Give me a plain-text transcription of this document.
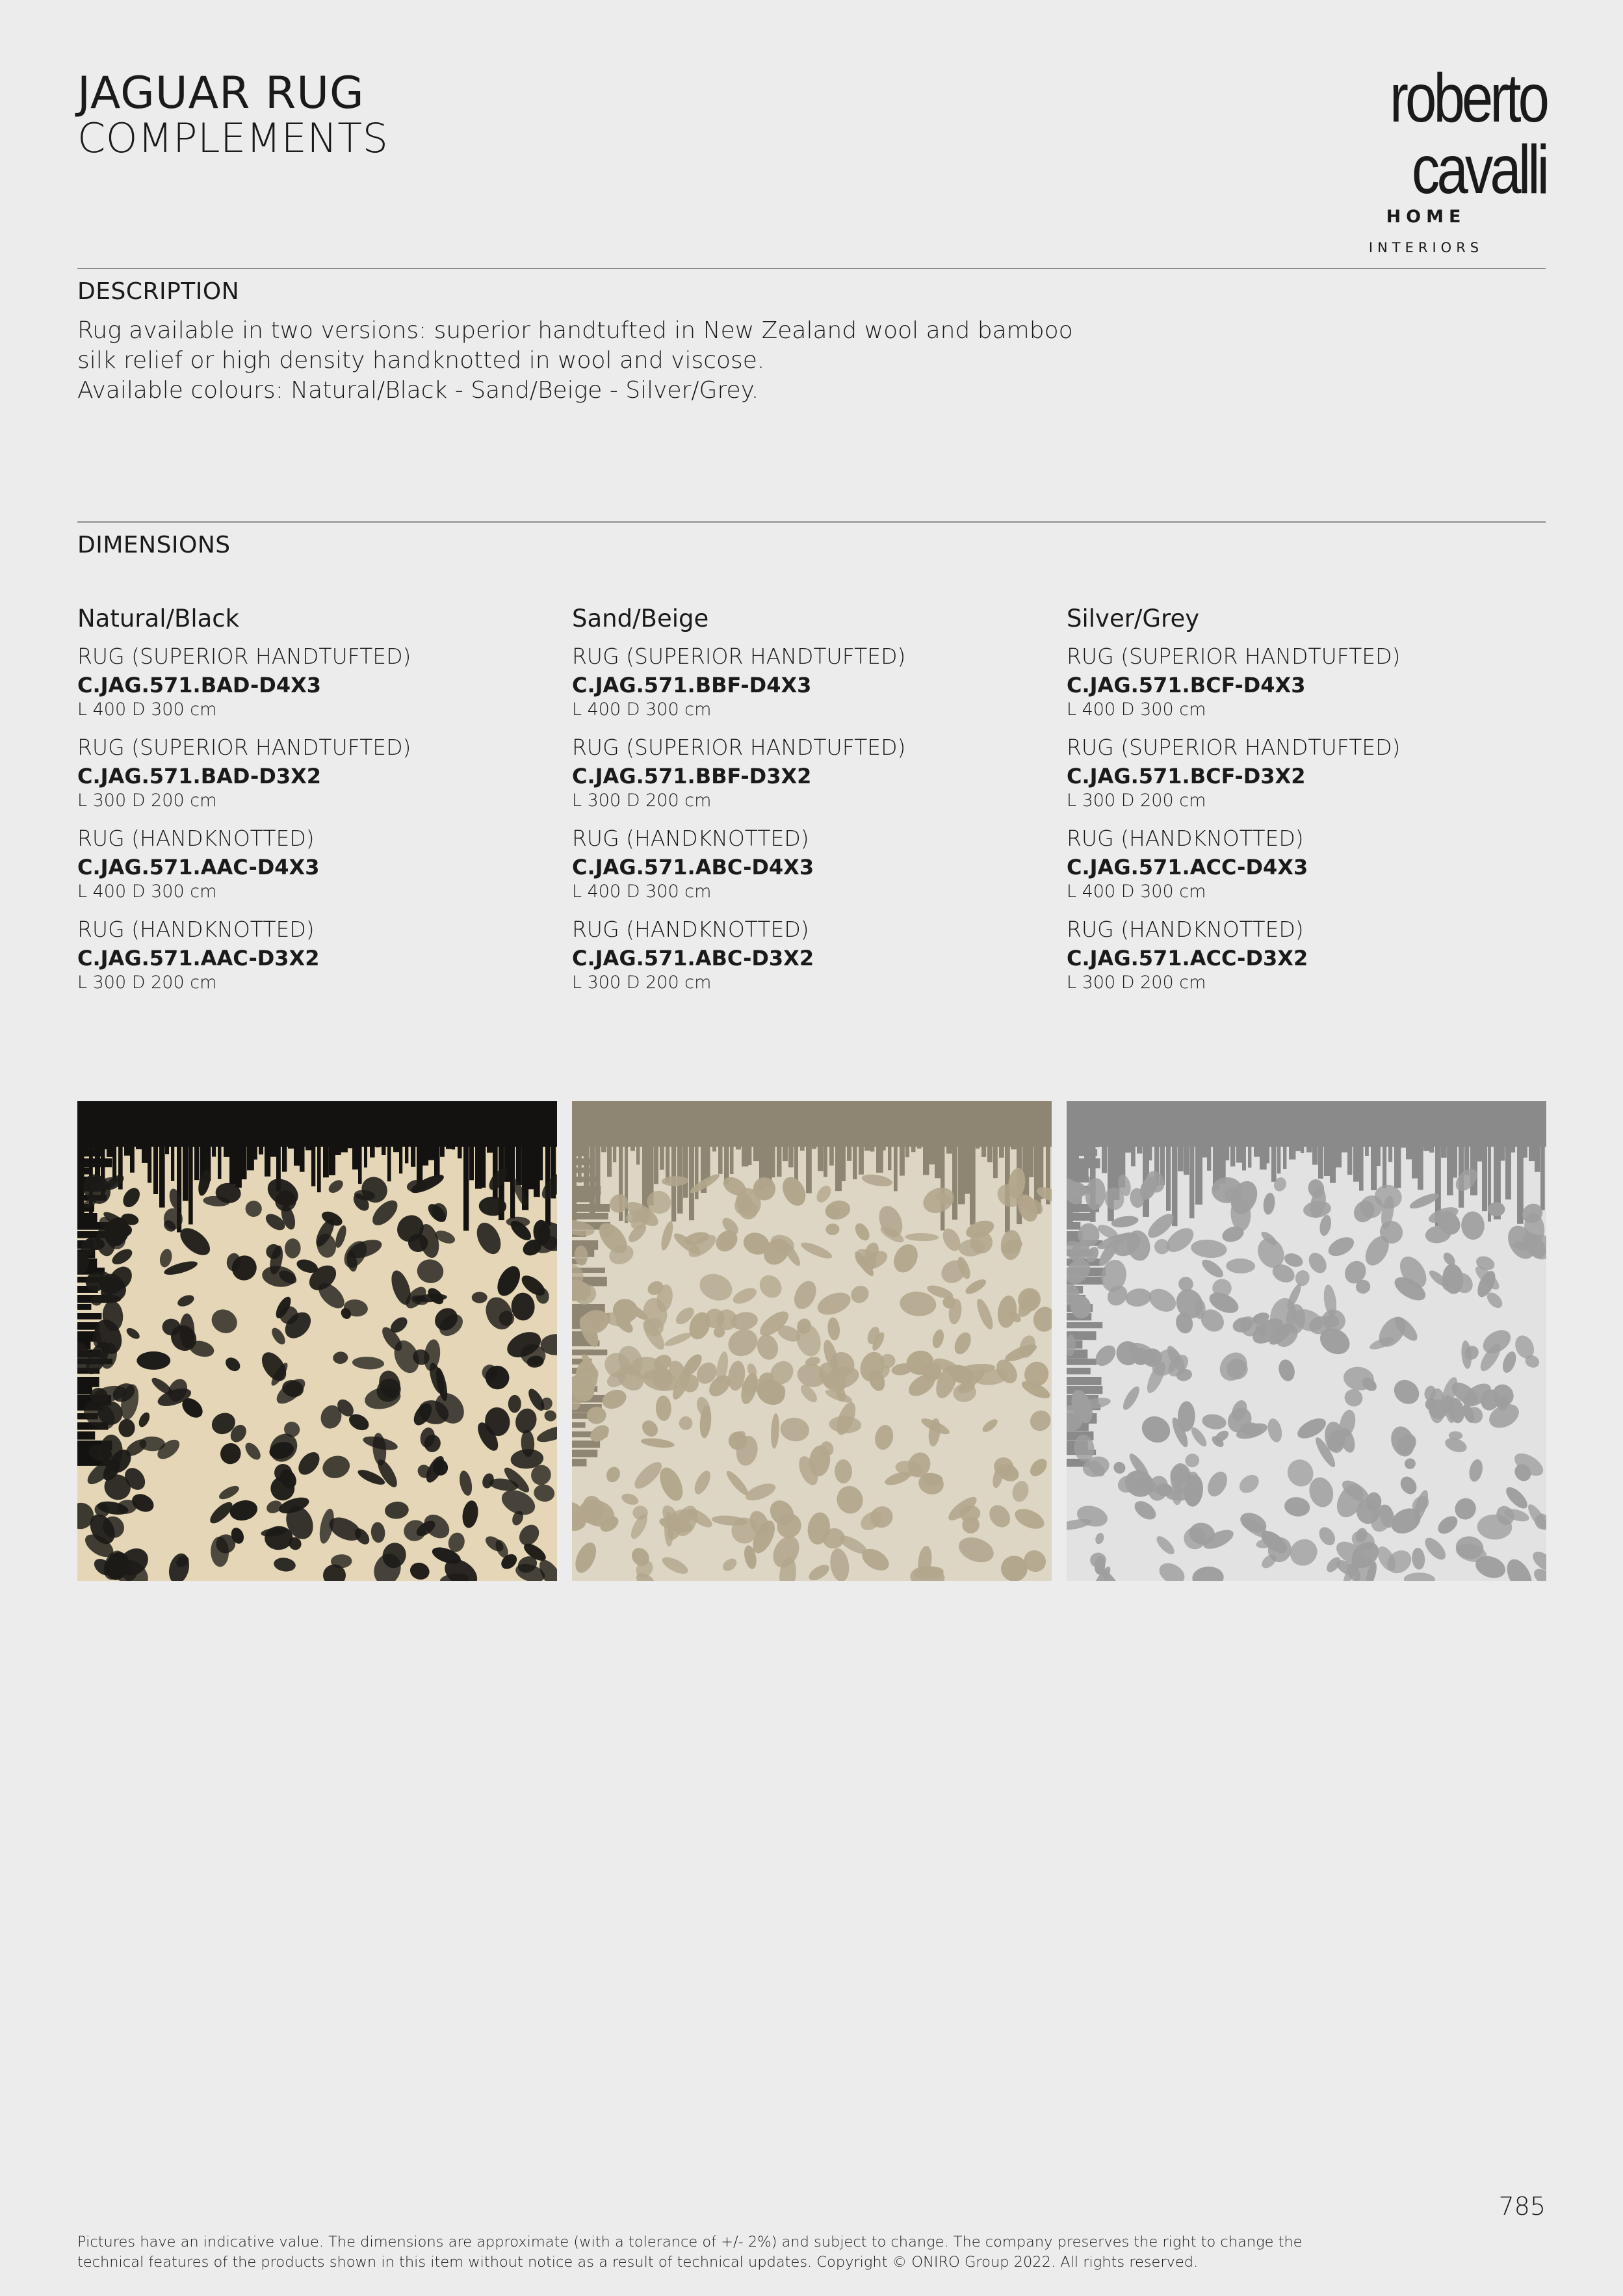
JAGUAR RUG
COMPLEMENTS
roberto cavalli
HOME
INTERIORS
DESCRIPTION
Rug available in two versions: superior handtufted in New Zealand wool and bamboo
silk relief or high density handknotted in wool and viscose.
Available colours: Natural/Black - Sand/Beige - Silver/Grey.
DIMENSIONS
Natural/Black
RUG (SUPERIOR HANDTUFTED)
C.JAG.571.BAD-D4X3
L 400 D 300 cm
RUG (SUPERIOR HANDTUFTED)
C.JAG.571.BAD-D3X2
L 300 D 200 cm
RUG (HANDKNOTTED)
C.JAG.571.AAC-D4X3
L 400 D 300 cm
RUG (HANDKNOTTED)
C.JAG.571.AAC-D3X2
L 300 D 200 cm
Sand/Beige
RUG (SUPERIOR HANDTUFTED)
C.JAG.571.BBF-D4X3
L 400 D 300 cm
RUG (SUPERIOR HANDTUFTED)
C.JAG.571.BBF-D3X2
L 300 D 200 cm
RUG (HANDKNOTTED)
C.JAG.571.ABC-D4X3
L 400 D 300 cm
RUG (HANDKNOTTED)
C.JAG.571.ABC-D3X2
L 300 D 200 cm
Silver/Grey
RUG (SUPERIOR HANDTUFTED)
C.JAG.571.BCF-D4X3
L 400 D 300 cm
RUG (SUPERIOR HANDTUFTED)
C.JAG.571.BCF-D3X2
L 300 D 200 cm
RUG (HANDKNOTTED)
C.JAG.571.ACC-D4X3
L 400 D 300 cm
RUG (HANDKNOTTED)
C.JAG.571.ACC-D3X2
L 300 D 200 cm
785
Pictures have an indicative value. The dimensions are approximate (with a tolerance of +/- 2%) and subject to change. The company preserves the right to change the
technical features of the products shown in this item without notice as a result of technical updates. Copyright © ONIRO Group 2022. All rights reserved.
